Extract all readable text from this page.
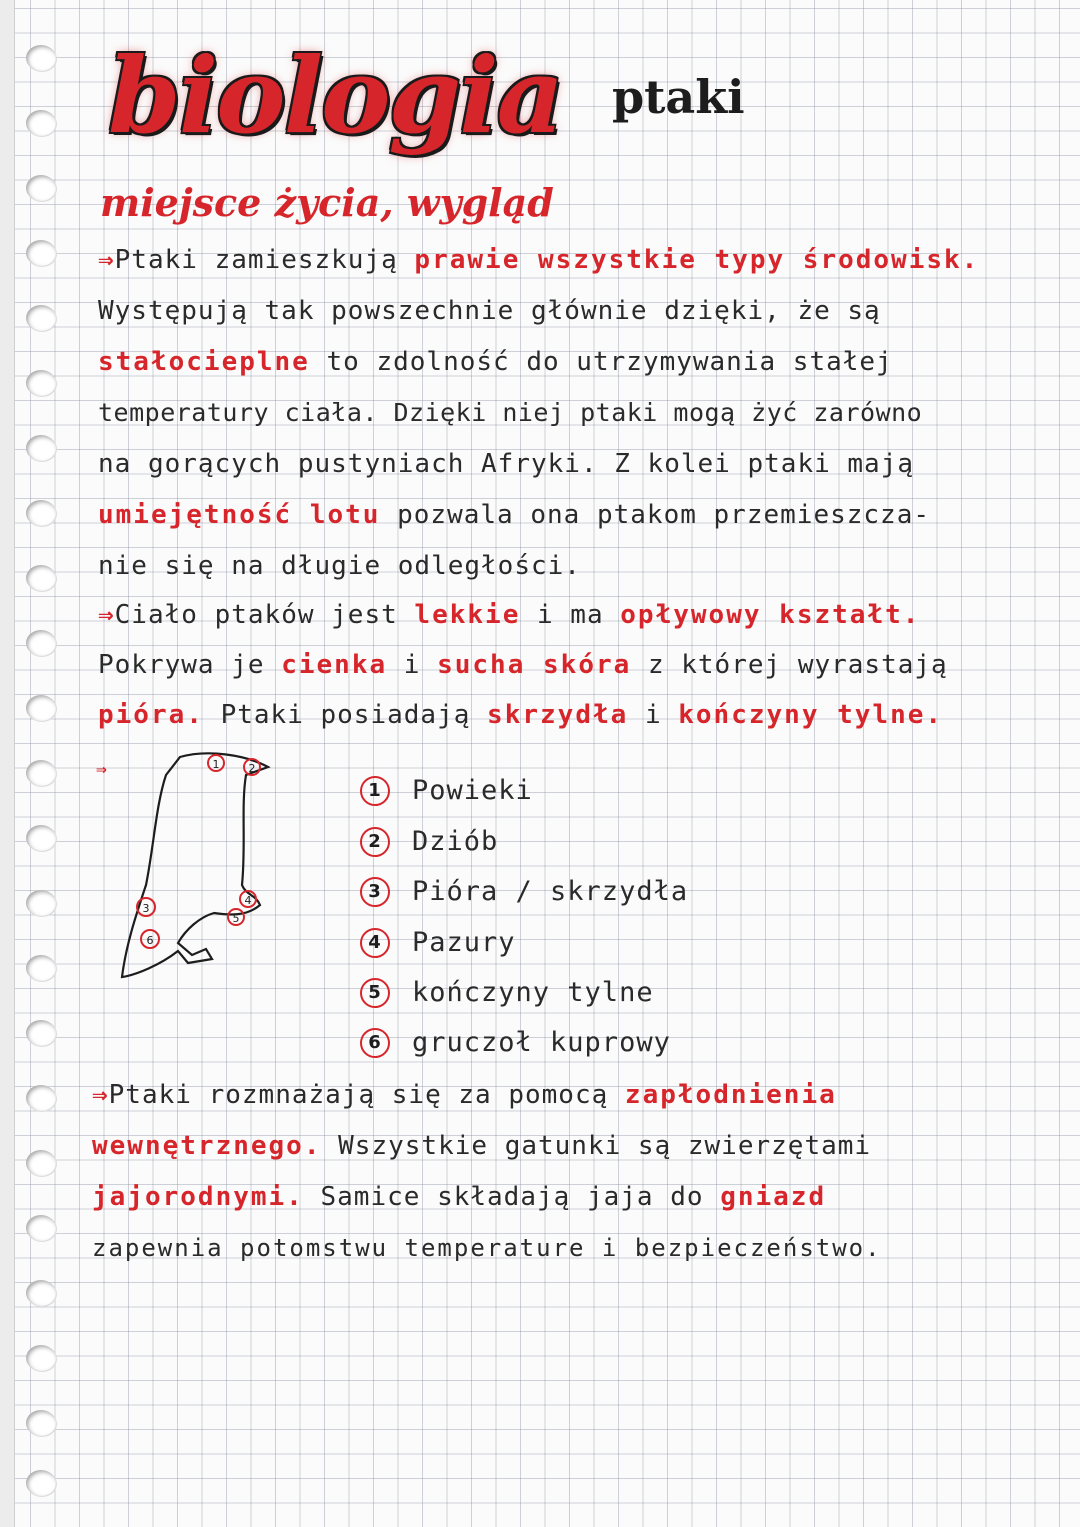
biologia ptaki
miejsce życia, wygląd
⇒Ptaki zamieszkują prawie wszystkie typy środowisk.
Występują tak powszechnie głównie dzięki, że są
stałocieplne to zdolność do utrzymywania stałej
temperatury ciała. Dzięki niej ptaki mogą żyć zarówno
na gorących pustyniach Afryki. Z kolei ptaki mają
umiejętność lotu pozwala ona ptakom przemieszcza-
nie się na długie odległości.
⇒Ciało ptaków jest lekkie i ma opływowy kształt.
Pokrywa je cienka i sucha skóra z której wyrastają
pióra. Ptaki posiadają skrzydła i kończyny tylne.
⇒	1	2
3
4
5
6
1	Powieki
2	Dziób
3	Pióra / skrzydła
4	Pazury
5	kończyny tylne
6	gruczoł kuprowy
⇒Ptaki rozmnażają się za pomocą zapłodnienia
wewnętrznego. Wszystkie gatunki są zwierzętami
jajorodnymi. Samice składają jaja do gniazd
zapewnia potomstwu temperature i bezpieczeństwo.
